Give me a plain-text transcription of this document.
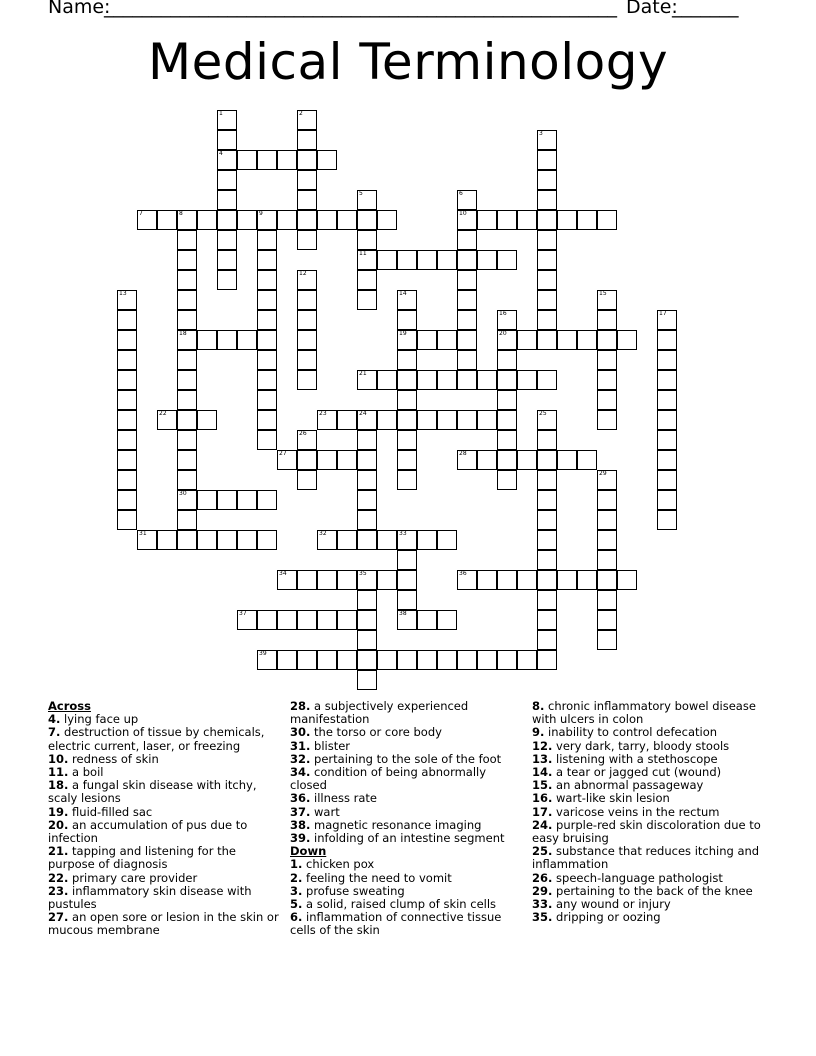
Name:
______________________________________________________ Date:
_______
Medical Terminology
4
7	10
11
18	19	20
21
22	23
27	28
30
31	32
34	36
37	38
39
1	2
3
5	6
8	9
12
13	14	15
16	17
24	25
26
29
33
35

Across

4. lying face up

7. destruction of tissue by chemicals, electric current, laser, or freezing

10. redness of skin

11. a boil

18. a fungal skin disease with itchy, scaly lesions

19. fluid-filled sac

20. an accumulation of pus due to infection

21. tapping and listening for the purpose of diagnosis

22. primary care provider

23. inflammatory skin disease with pustules

27. an open sore or lesion in the skin or mucous membrane

28. a subjectively experienced manifestation

30. the torso or core body

31. blister

32. pertaining to the sole of the foot

34. condition of being abnormally closed

36. illness rate

37. wart

38. magnetic resonance imaging

39. infolding of an intestine segment

Down

1. chicken pox

2. feeling the need to vomit

3. profuse sweating

5. a solid, raised clump of skin cells

6. inflammation of connective tissue cells of the skin

8. chronic inflammatory bowel disease with ulcers in colon

9. inability to control defecation

12. very dark, tarry, bloody stools

13. listening with a stethoscope

14. a tear or jagged cut (wound)

15. an abnormal passageway

16. wart-like skin lesion

17. varicose veins in the rectum

24. purple-red skin discoloration due to easy bruising

25. substance that reduces itching and inflammation

26. speech-language pathologist

29. pertaining to the back of the knee

33. any wound or injury

35. dripping or oozing
